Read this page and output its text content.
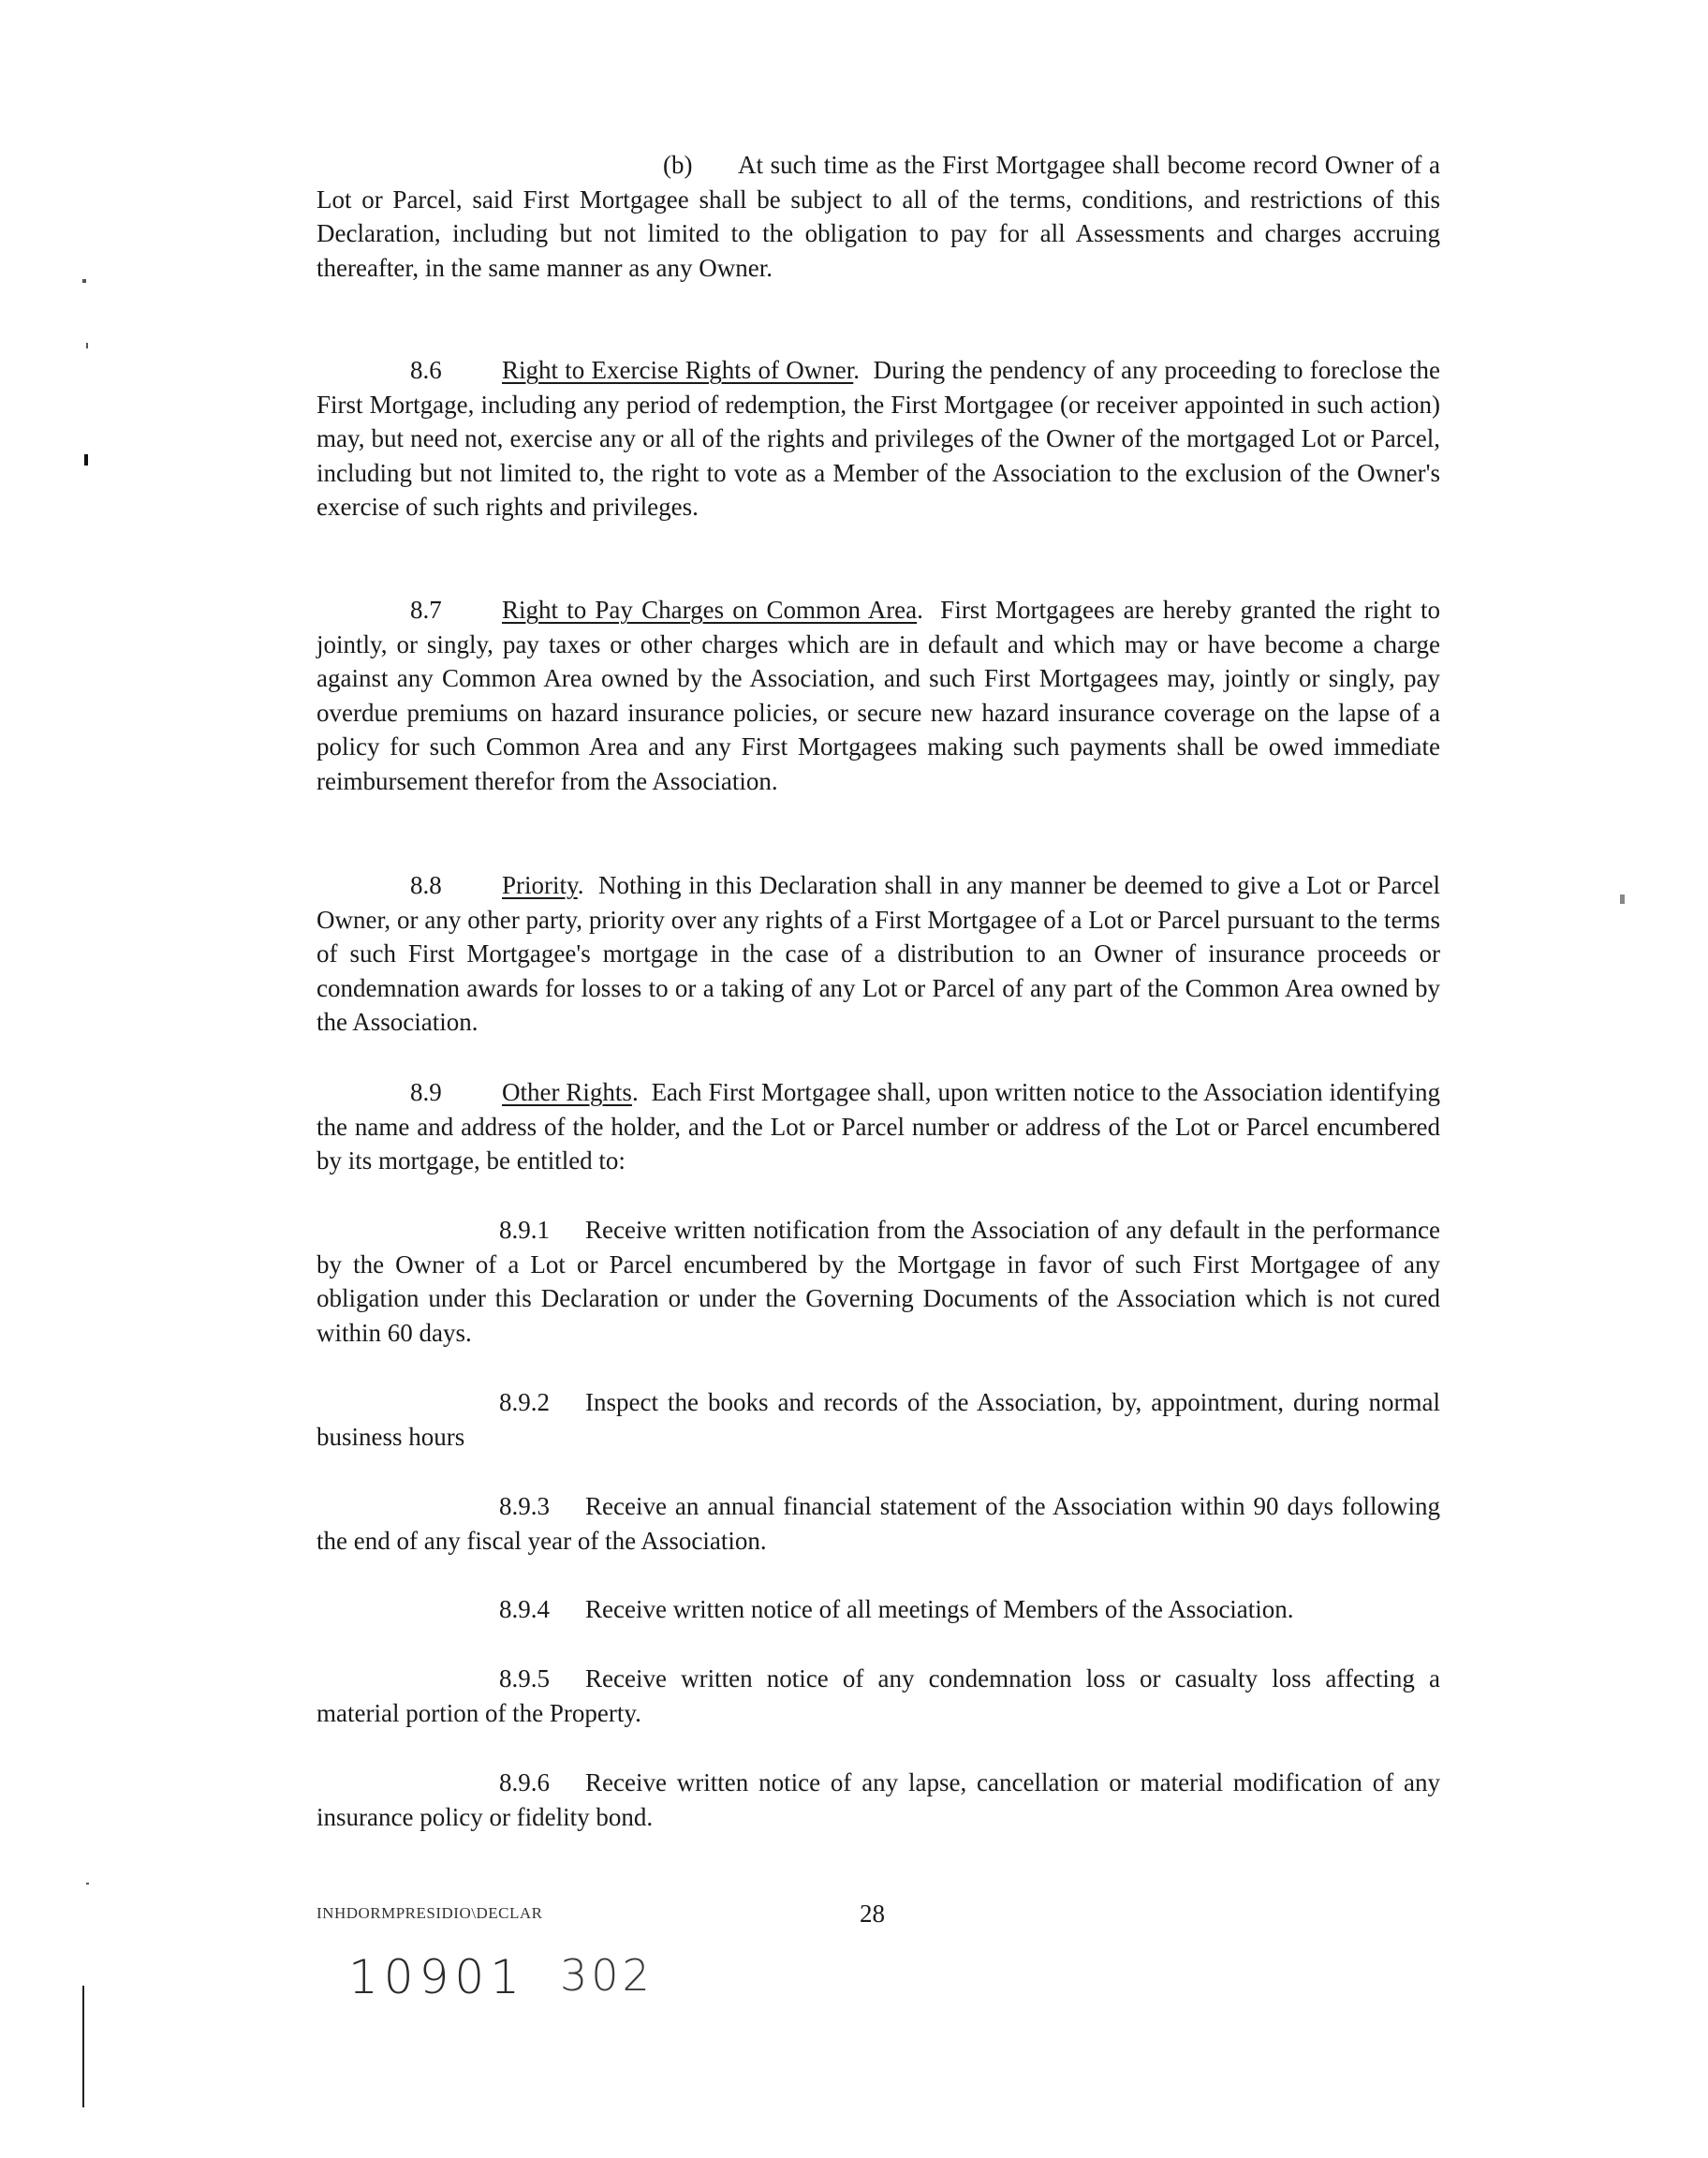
(b) At such time as the First Mortgagee shall become record Owner of a Lot or Parcel, said First Mortgagee shall be subject to all of the terms, conditions, and restrictions of this Declaration, including but not limited to the obligation to pay for all Assessments and charges accruing thereafter, in the same manner as any Owner.

8.6 Right to Exercise Rights of Owner.  During the pendency of any proceeding to foreclose the First Mortgage, including any period of redemption, the First Mortgagee (or receiver appointed in such action) may, but need not, exercise any or all of the rights and privileges of the Owner of the mortgaged Lot or Parcel, including but not limited to, the right to vote as a Member of the Association to the exclusion of the Owner's exercise of such rights and privileges.

8.7 Right to Pay Charges on Common Area.  First Mortgagees are hereby granted the right to jointly, or singly, pay taxes or other charges which are in default and which may or have become a charge against any Common Area owned by the Association, and such First Mortgagees may, jointly or singly, pay overdue premiums on hazard insurance policies, or secure new hazard insurance coverage on the lapse of a policy for such Common Area and any First Mortgagees making such payments shall be owed immediate reimbursement therefor from the Association.

8.8 Priority.  Nothing in this Declaration shall in any manner be deemed to give a Lot or Parcel Owner, or any other party, priority over any rights of a First Mortgagee of a Lot or Parcel pursuant to the terms of such First Mortgagee's mortgage in the case of a distribution to an Owner of insurance proceeds or condemnation awards for losses to or a taking of any Lot or Parcel of any part of the Common Area owned by the Association.

8.9 Other Rights.  Each First Mortgagee shall, upon written notice to the Association identifying the name and address of the holder, and the Lot or Parcel number or address of the Lot or Parcel encumbered by its mortgage, be entitled to:

8.9.1 Receive written notification from the Association of any default in the performance by the Owner of a Lot or Parcel encumbered by the Mortgage in favor of such First Mortgagee of any obligation under this Declaration or under the Governing Documents of the Association which is not cured within 60 days.

8.9.2 Inspect the books and records of the Association, by, appointment, during normal business hours

8.9.3 Receive an annual financial statement of the Association within 90 days following the end of any fiscal year of the Association.

8.9.4 Receive written notice of all meetings of Members of the Association.

8.9.5 Receive written notice of any condemnation loss or casualty loss affecting a material portion of the Property.

8.9.6 Receive written notice of any lapse, cancellation or material modification of any insurance policy or fidelity bond.

INHDORMPRESIDIO\DECLAR	28
10901 302
